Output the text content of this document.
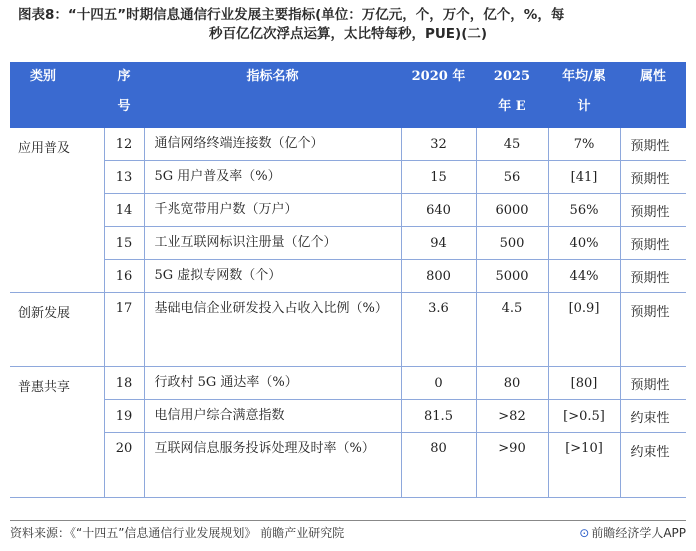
图表8：“十四五”时期信息通信行业发展主要指标(单位：万亿元，个，万个，亿个，%，每
秒百亿亿次浮点运算，太比特每秒，PUE)(二)
类别	序号	指标名称	2020 年	2025 年 E	年均/累计	属性
应用普及	12	通信网络终端连接数（亿个）	32	45	7%	预期性
	13	5G 用户普及率（%）	15	56	[41]	预期性
	14	千兆宽带用户数（万户）	640	6000	56%	预期性
	15	工业互联网标识注册量（亿个）	94	500	40%	预期性
	16	5G 虚拟专网数（个）	800	5000	44%	预期性
创新发展	17	基础电信企业研发投入占收入比例（%）	3.6	4.5	[0.9]	预期性
普惠共享	18	行政村 5G 通达率（%）	0	80	[80]	预期性
	19	电信用户综合满意指数	81.5	>82	[>0.5]	约束性
	20	互联网信息服务投诉处理及时率（%）	80	>90	[>10]	约束性
资料来源：《“十四五”信息通信行业发展规划》 前瞻产业研究院	⊙ 前瞻经济学人APP
